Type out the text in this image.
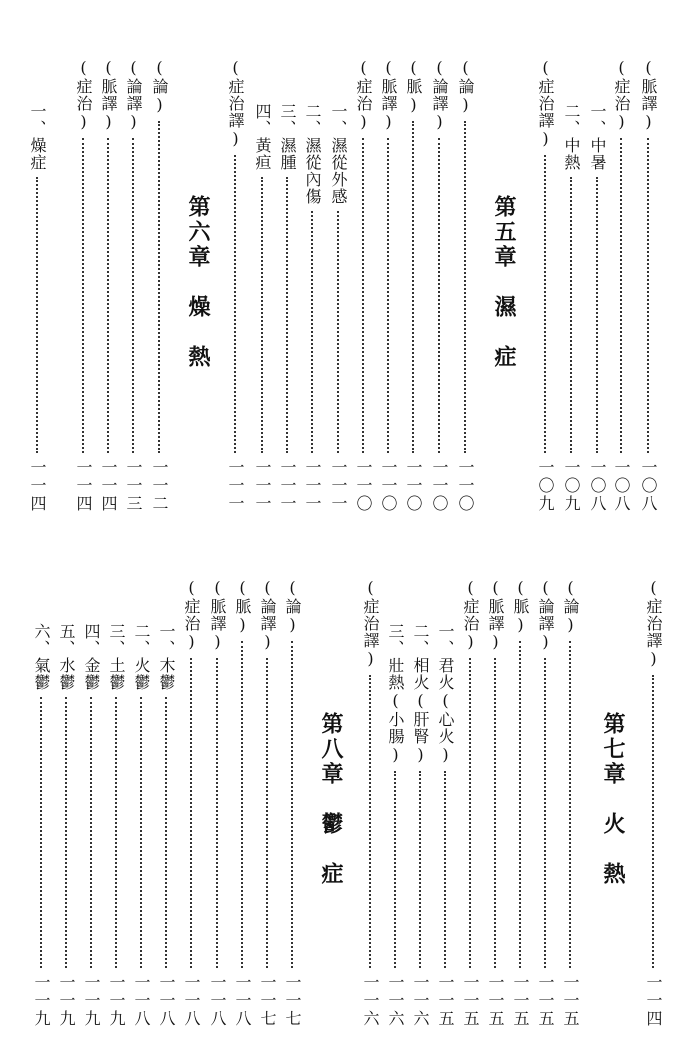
(脈譯)
一〇八
(症治)
一〇八
一、中暑
一〇八
二、中熱
一〇九
(症治譯)
一〇九
第五章　濕　症
(論)
一一〇
(論譯)
一一〇
(脈)
一一〇
(脈譯)
一一〇
(症治)
一一〇
一、濕從外感
一一一
二、濕從內傷
一一一
三、濕腫
一一一
四、黃疸
一一一
(症治譯)
一一一
第六章　燥　熱
(論)
一一二
(論譯)
一一三
(脈譯)
一一四
(症治)
一一四
一、燥症
一一四
(症治譯)
一一四
第七章　火　熱
(論)
一一五
(論譯)
一一五
(脈)
一一五
(脈譯)
一一五
(症治)
一一五
一、君火(心火)
一一五
二、相火(肝腎)
一一六
三、壯熱(小腸)
一一六
(症治譯)
一一六
第八章　鬱　症
(論)
一一七
(論譯)
一一七
(脈)
一一八
(脈譯)
一一八
(症治)
一一八
一、木鬱
一一八
二、火鬱
一一八
三、土鬱
一一九
四、金鬱
一一九
五、水鬱
一一九
六、氣鬱
一一九
